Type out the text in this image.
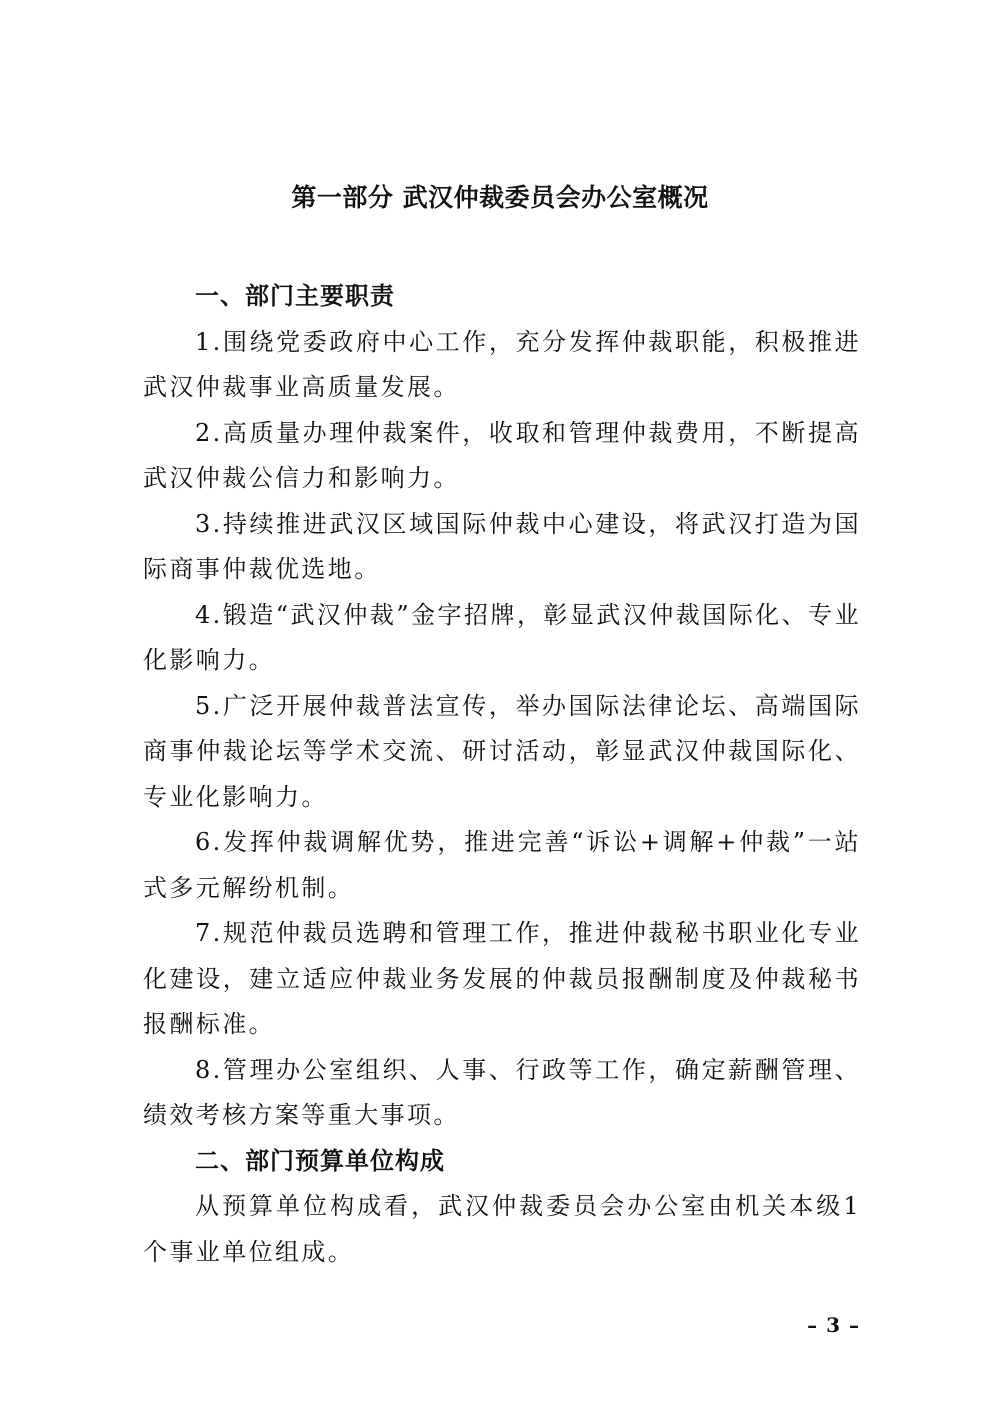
第一部分 武汉仲裁委员会办公室概况

一、部门主要职责

1.围绕党委政府中心工作，充分发挥仲裁职能，积极推进武汉仲裁事业高质量发展。

2.高质量办理仲裁案件，收取和管理仲裁费用，不断提高武汉仲裁公信力和影响力。

3.持续推进武汉区域国际仲裁中心建设，将武汉打造为国际商事仲裁优选地。

4.锻造“武汉仲裁”金字招牌，彰显武汉仲裁国际化、专业化影响力。

5.广泛开展仲裁普法宣传，举办国际法律论坛、高端国际商事仲裁论坛等学术交流、研讨活动，彰显武汉仲裁国际化、专业化影响力。

6.发挥仲裁调解优势，推进完善“诉讼+调解+仲裁”一站式多元解纷机制。

7.规范仲裁员选聘和管理工作，推进仲裁秘书职业化专业化建设，建立适应仲裁业务发展的仲裁员报酬制度及仲裁秘书报酬标准。

8.管理办公室组织、人事、行政等工作，确定薪酬管理、绩效考核方案等重大事项。

二、部门预算单位构成

从预算单位构成看，武汉仲裁委员会办公室由机关本级1个事业单位组成。

– 3 –
